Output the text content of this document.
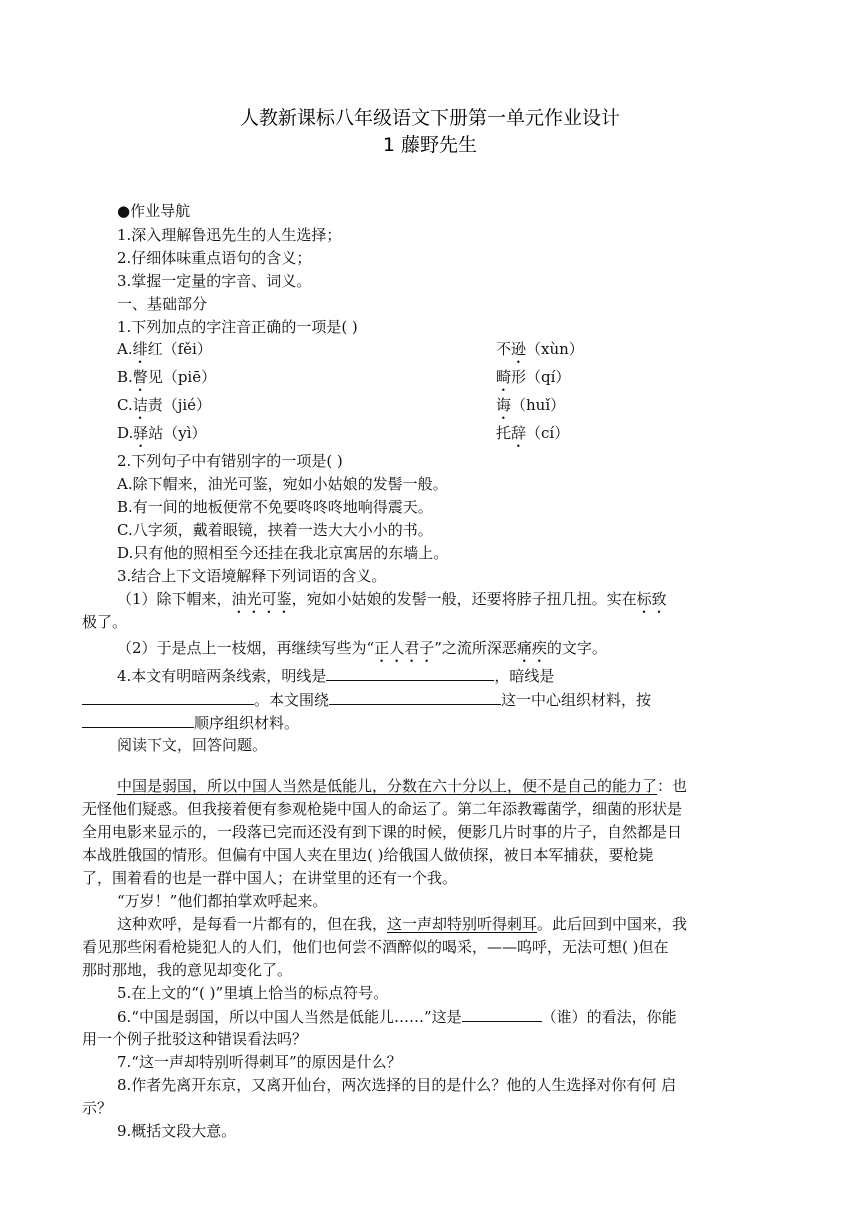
人教新课标八年级语文下册第一单元作业设计
1 藤野先生
●作业导航
1.深入理解鲁迅先生的人生选择；
2.仔细体味重点语句的含义；
3.掌握一定量的字音、词义。
一、基础部分
1.下列加点的字注音正确的一项是( )
A.绯红（fěi）	不逊（xùn）
B.瞥见（piē）	畸形（qí）
C.诘责（jié）	诲（huǐ）
D.驿站（yì）	托辞（cí）
2.下列句子中有错别字的一项是( )
A.除下帽来，油光可鉴，宛如小姑娘的发髻一般。
B.有一间的地板便常不免要咚咚咚地响得震天。
C.八字须，戴着眼镜，挟着一迭大大小小的书。
D.只有他的照相至今还挂在我北京寓居的东墙上。
3.结合上下文语境解释下列词语的含义。
（1）除下帽来，油光可鉴，宛如小姑娘的发髻一般，还要将脖子扭几扭。实在标致
极了。
（2）于是点上一枝烟，再继续写些为“正人君子”之流所深恶痛疾的文字。
4.本文有明暗两条线索，明线是	，暗线是
。本文围绕	这一中心组织材料，按
顺序组织材料。
阅读下文，回答问题。
中国是弱国，所以中国人当然是低能儿，分数在六十分以上，便不是自己的能力了：也
无怪他们疑惑。但我接着便有参观枪毙中国人的命运了。第二年添教霉菌学，细菌的形状是
全用电影来显示的，一段落已完而还没有到下课的时候，便影几片时事的片子，自然都是日
本战胜俄国的情形。但偏有中国人夹在里边( )给俄国人做侦探，被日本军捕获，要枪毙
了，围着看的也是一群中国人；在讲堂里的还有一个我。
“万岁！”他们都拍掌欢呼起来。
这种欢呼，是每看一片都有的，但在我，这一声却特别听得刺耳。此后回到中国来，我
看见那些闲看枪毙犯人的人们，他们也何尝不酒醉似的喝采，——呜呼，无法可想( )但在
那时那地，我的意见却变化了。
5.在上文的“( )”里填上恰当的标点符号。
6.“中国是弱国，所以中国人当然是低能儿……”这是	（谁）的看法，你能
用一个例子批驳这种错误看法吗？
7.“这一声却特别听得刺耳”的原因是什么？
8.作者先离开东京，又离开仙台，两次选择的目的是什么？他的人生选择对你有何 启
示？
9.概括文段大意。
